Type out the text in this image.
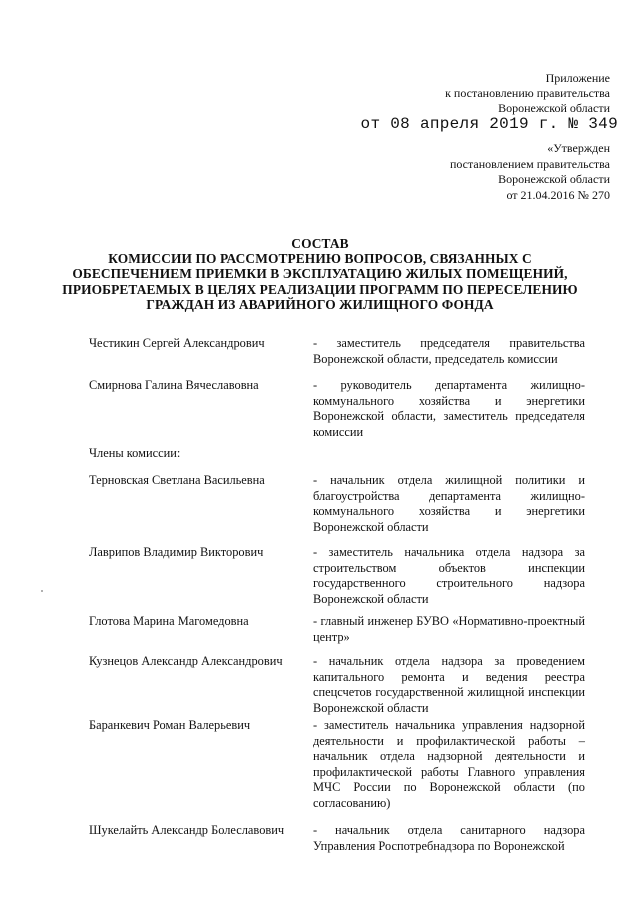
Приложение
к постановлению правительства
Воронежской области
от 08 апреля 2019 г. № 349
«Утвержден
постановлением правительства
Воронежской области
от 21.04.2016 № 270
СОСТАВ
КОМИССИИ ПО РАССМОТРЕНИЮ ВОПРОСОВ, СВЯЗАННЫХ С
ОБЕСПЕЧЕНИЕМ ПРИЕМКИ В ЭКСПЛУАТАЦИЮ ЖИЛЫХ ПОМЕЩЕНИЙ,
ПРИОБРЕТАЕМЫХ В ЦЕЛЯХ РЕАЛИЗАЦИИ ПРОГРАММ ПО ПЕРЕСЕЛЕНИЮ
ГРАЖДАН ИЗ АВАРИЙНОГО ЖИЛИЩНОГО ФОНДА
Честикин Сергей Александрович	- заместитель председателя правительства Воронежской области, председатель комиссии
Смирнова Галина Вячеславовна	- руководитель департамента жилищно-коммунального хозяйства и энергетики Воронежской области, заместитель председателя комиссии
Члены комиссии:
Терновская Светлана Васильевна	- начальник отдела жилищной политики и благоустройства департамента жилищно-коммунального хозяйства и энергетики Воронежской области
Лаврипов Владимир Викторович	- заместитель начальника отдела надзора за строительством объектов инспекции государственного строительного надзора Воронежской области
Глотова Марина Магомедовна	- главный инженер БУВО «Нормативно-проектный центр»
Кузнецов Александр Александрович	- начальник отдела надзора за проведением капитального ремонта и ведения реестра спецсчетов государственной жилищной инспекции Воронежской области
Баранкевич Роман Валерьевич	- заместитель начальника управления надзорной деятельности и профилактической работы – начальник отдела надзорной деятельности и профилактической работы Главного управления МЧС России по Воронежской области (по согласованию)
Шукелайть Александр Болеславович	- начальник отдела санитарного надзора Управления Роспотребнадзора по Воронежской
